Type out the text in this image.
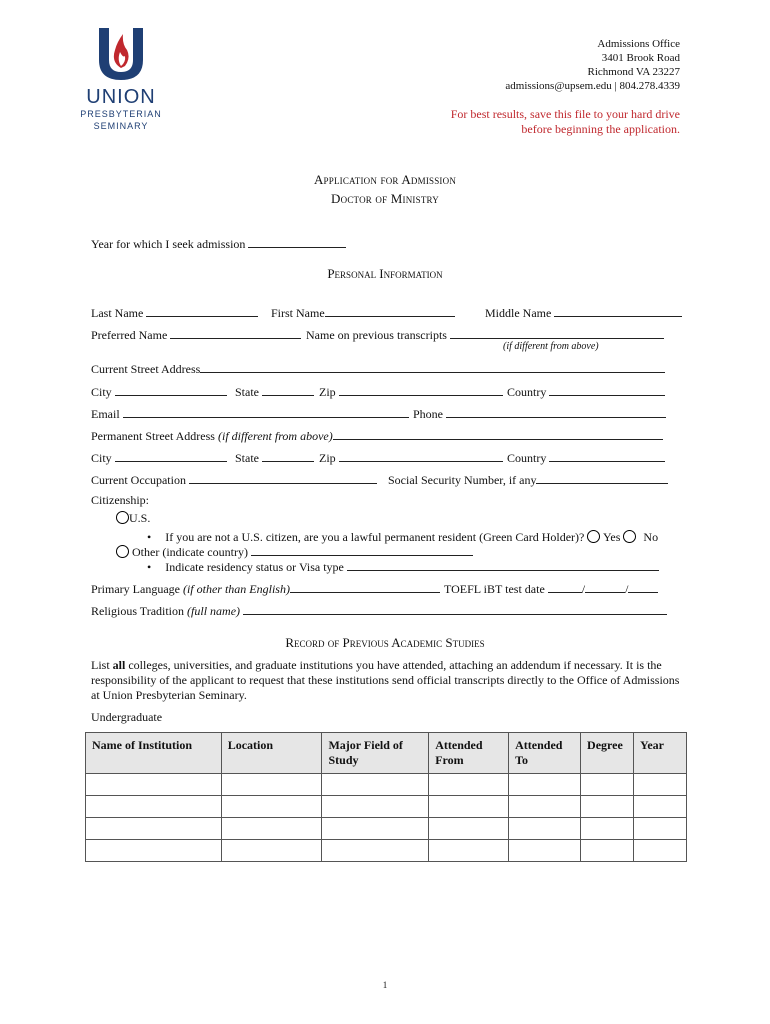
UNION
PRESBYTERIAN
SEMINARY
Admissions Office
3401 Brook Road
Richmond VA 23227
admissions@upsem.edu | 804.278.4339
For best results, save this file to your hard drive
before beginning the application.
Application for Admission
Doctor of Ministry
Year for which I seek admission
Personal Information
Last Name	First Name	Middle Name
Preferred Name	Name on previous transcripts
(if different from above)
Current Street Address
City	State	Zip	Country
Email	Phone
Permanent Street Address (if different from above)
City	State	Zip	Country
Current Occupation	Social Security Number, if any
Citizenship:
U.S.
• If you are not a U.S. citizen, are you a lawful permanent resident (Green Card Holder)? Yes No
Other (indicate country)
• Indicate residency status or Visa type
Primary Language (if other than English)	TOEFL iBT test date	/	/
Religious Tradition (full name)
Record of Previous Academic Studies
List all colleges, universities, and graduate institutions you have attended, attaching an addendum if necessary. It is the responsibility of the applicant to request that these institutions send official transcripts directly to the Office of Admissions at Union Presbyterian Seminary.
Undergraduate
Name of Institution	Location	Major Field of Study	Attended From	Attended To	Degree	Year

1
